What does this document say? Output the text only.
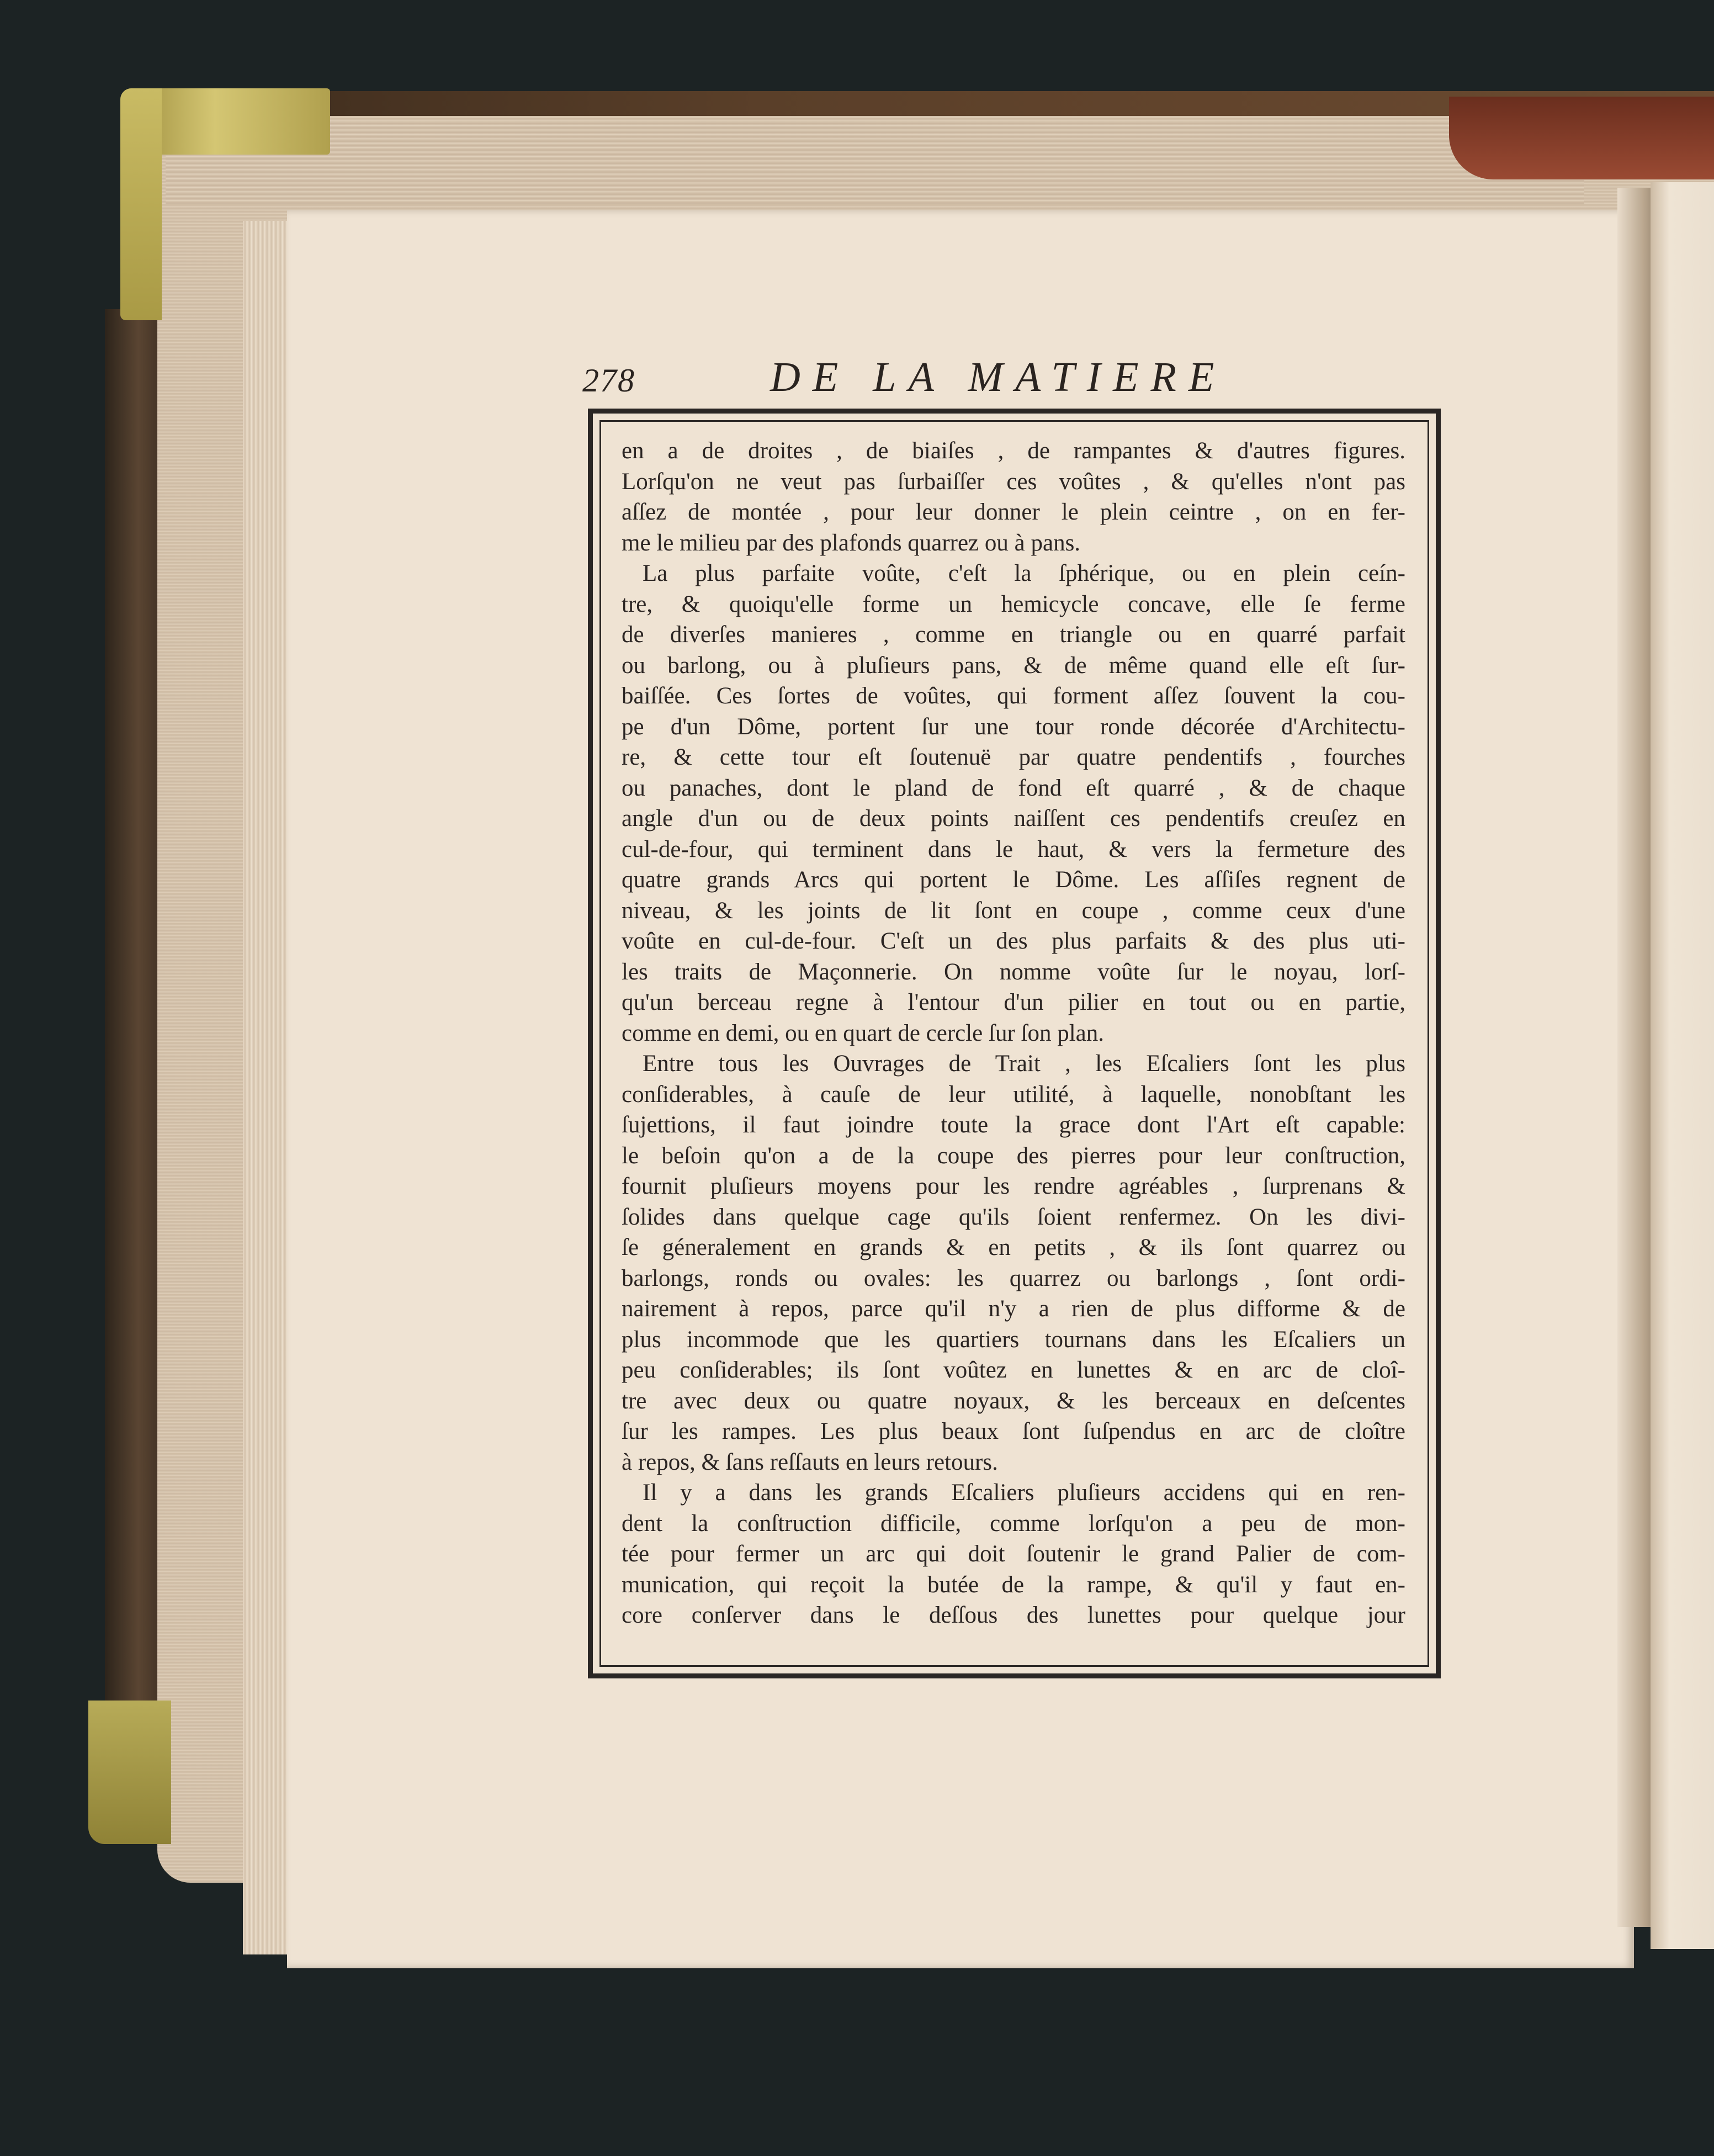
278	DE LA MATIERE
en a de droites , de biaiſes , de rampantes & d'autres figures.
Lorſqu'on ne veut pas ſurbaiſſer ces voûtes , & qu'elles n'ont pas
aſſez de montée , pour leur donner le plein ceintre , on en fer-
me le milieu par des plafonds quarrez ou à pans.
La plus parfaite voûte, c'eſt la ſphérique, ou en plein ceín-
tre, & quoiqu'elle forme un hemicycle concave, elle ſe ferme
de diverſes manieres , comme en triangle ou en quarré parfait
ou barlong, ou à pluſieurs pans, & de même quand elle eſt ſur-
baiſſée. Ces ſortes de voûtes, qui forment aſſez ſouvent la cou-
pe d'un Dôme, portent ſur une tour ronde décorée d'Architectu-
re, & cette tour eſt ſoutenuë par quatre pendentifs , fourches
ou panaches, dont le pland de fond eſt quarré , & de chaque
angle d'un ou de deux points naiſſent ces pendentifs creuſez en
cul-de-four, qui terminent dans le haut, & vers la fermeture des
quatre grands Arcs qui portent le Dôme. Les aſſiſes regnent de
niveau, & les joints de lit ſont en coupe , comme ceux d'une
voûte en cul-de-four. C'eſt un des plus parfaits & des plus uti-
les traits de Maçonnerie. On nomme voûte ſur le noyau, lorſ-
qu'un berceau regne à l'entour d'un pilier en tout ou en partie,
comme en demi, ou en quart de cercle ſur ſon plan.
Entre tous les Ouvrages de Trait , les Eſcaliers ſont les plus
conſiderables, à cauſe de leur utilité, à laquelle, nonobſtant les
ſujettions, il faut joindre toute la grace dont l'Art eſt capable:
le beſoin qu'on a de la coupe des pierres pour leur conſtruction,
fournit pluſieurs moyens pour les rendre agréables , ſurprenans &
ſolides dans quelque cage qu'ils ſoient renfermez. On les divi-
ſe géneralement en grands & en petits , & ils ſont quarrez ou
barlongs, ronds ou ovales: les quarrez ou barlongs , ſont ordi-
nairement à repos, parce qu'il n'y a rien de plus difforme & de
plus incommode que les quartiers tournans dans les Eſcaliers un
peu conſiderables; ils ſont voûtez en lunettes & en arc de cloî-
tre avec deux ou quatre noyaux, & les berceaux en deſcentes
ſur les rampes. Les plus beaux ſont ſuſpendus en arc de cloître
à repos, & ſans reſſauts en leurs retours.
Il y a dans les grands Eſcaliers pluſieurs accidens qui en ren-
dent la conſtruction difficile, comme lorſqu'on a peu de mon-
tée pour fermer un arc qui doit ſoutenir le grand Palier de com-
munication, qui reçoit la butée de la rampe, & qu'il y faut en-
core conſerver dans le deſſous des lunettes pour quelque jour
